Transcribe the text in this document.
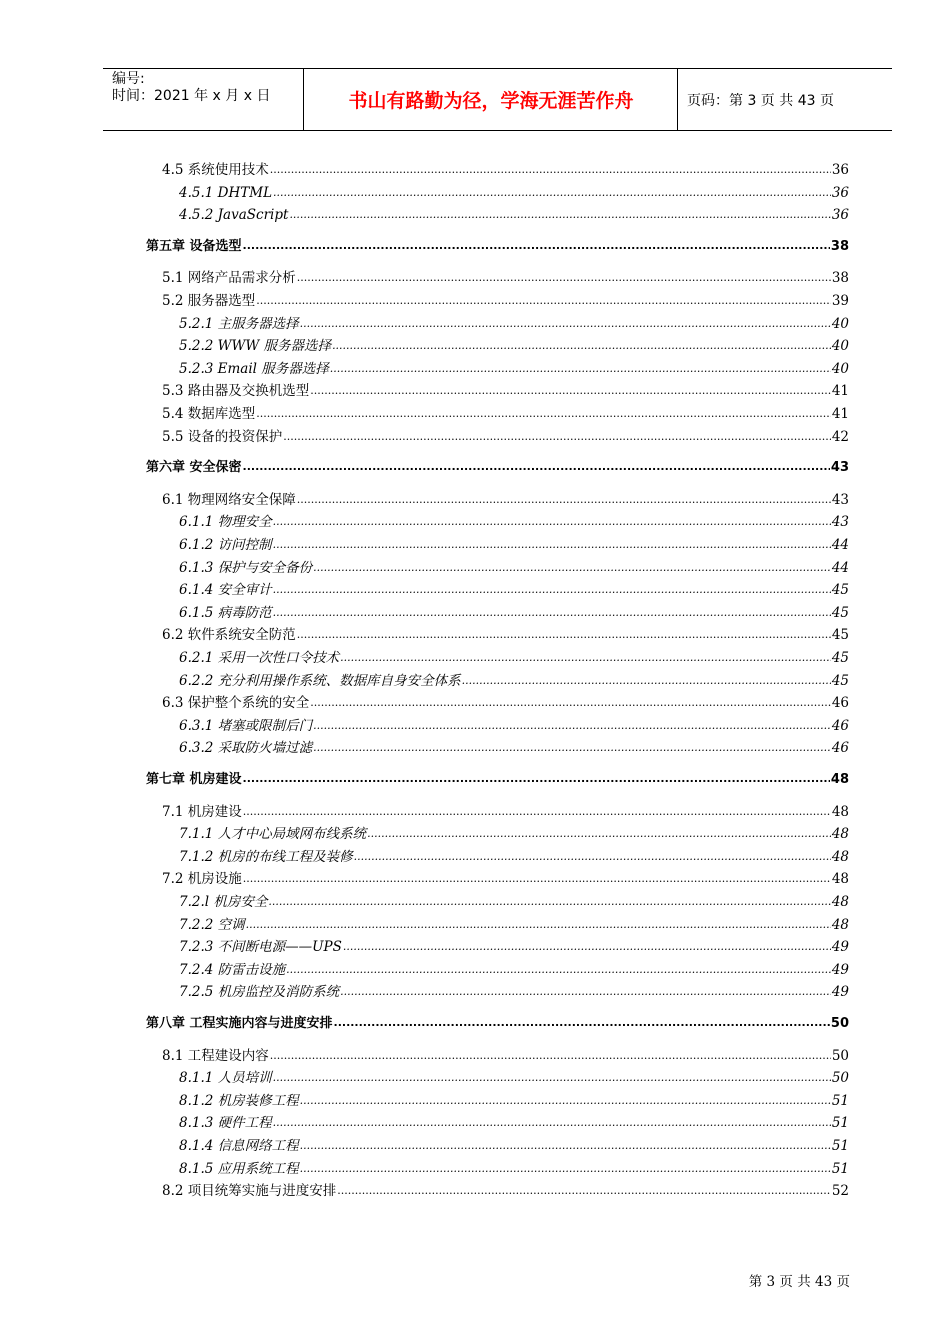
编号:
时间：2021 年 x 月 x 日	书山有路勤为径，学海无涯苦作舟	页码：第 3 页 共 43 页
4.5 系统使用技术 .....	36
4.5.1 DHTML .....	36
4.5.2 JavaScript .....	36
第五章 设备选型 .....	38
5.1 网络产品需求分析 .....	38
5.2 服务器选型 .....	39
5.2.1 主服务器选择 .....	40
5.2.2 WWW 服务器选择 .....	40
5.2.3 Email 服务器选择 .....	40
5.3 路由器及交换机选型 .....	41
5.4 数据库选型 .....	41
5.5 设备的投资保护 .....	42
第六章 安全保密 .....	43
6.1 物理网络安全保障 .....	43
6.1.1 物理安全 .....	43
6.1.2 访问控制 .....	44
6.1.3 保护与安全备份 .....	44
6.1.4 安全审计 .....	45
6.1.5 病毒防范 .....	45
6.2 软件系统安全防范 .....	45
6.2.1 采用一次性口令技术 .....	45
6.2.2 充分利用操作系统、数据库自身安全体系 .....	45
6.3 保护整个系统的安全 .....	46
6.3.1 堵塞或限制后门 .....	46
6.3.2 采取防火墙过滤 .....	46
第七章 机房建设 .....	48
7.1 机房建设 .....	48
7.1.1 人才中心局域网布线系统 .....	48
7.1.2 机房的布线工程及装修 .....	48
7.2 机房设施 .....	48
7.2.l 机房安全 .....	48
7.2.2 空调 .....	48
7.2.3 不间断电源——UPS .....	49
7.2.4 防雷击设施 .....	49
7.2.5 机房监控及消防系统 .....	49
第八章 工程实施内容与进度安排 .....	50
8.1 工程建设内容 .....	50
8.1.1 人员培训 .....	50
8.1.2 机房装修工程 .....	51
8.1.3 硬件工程 .....	51
8.1.4 信息网络工程 .....	51
8.1.5 应用系统工程 .....	51
8.2 项目统筹实施与进度安排 .....	52
第 3 页 共 43 页
